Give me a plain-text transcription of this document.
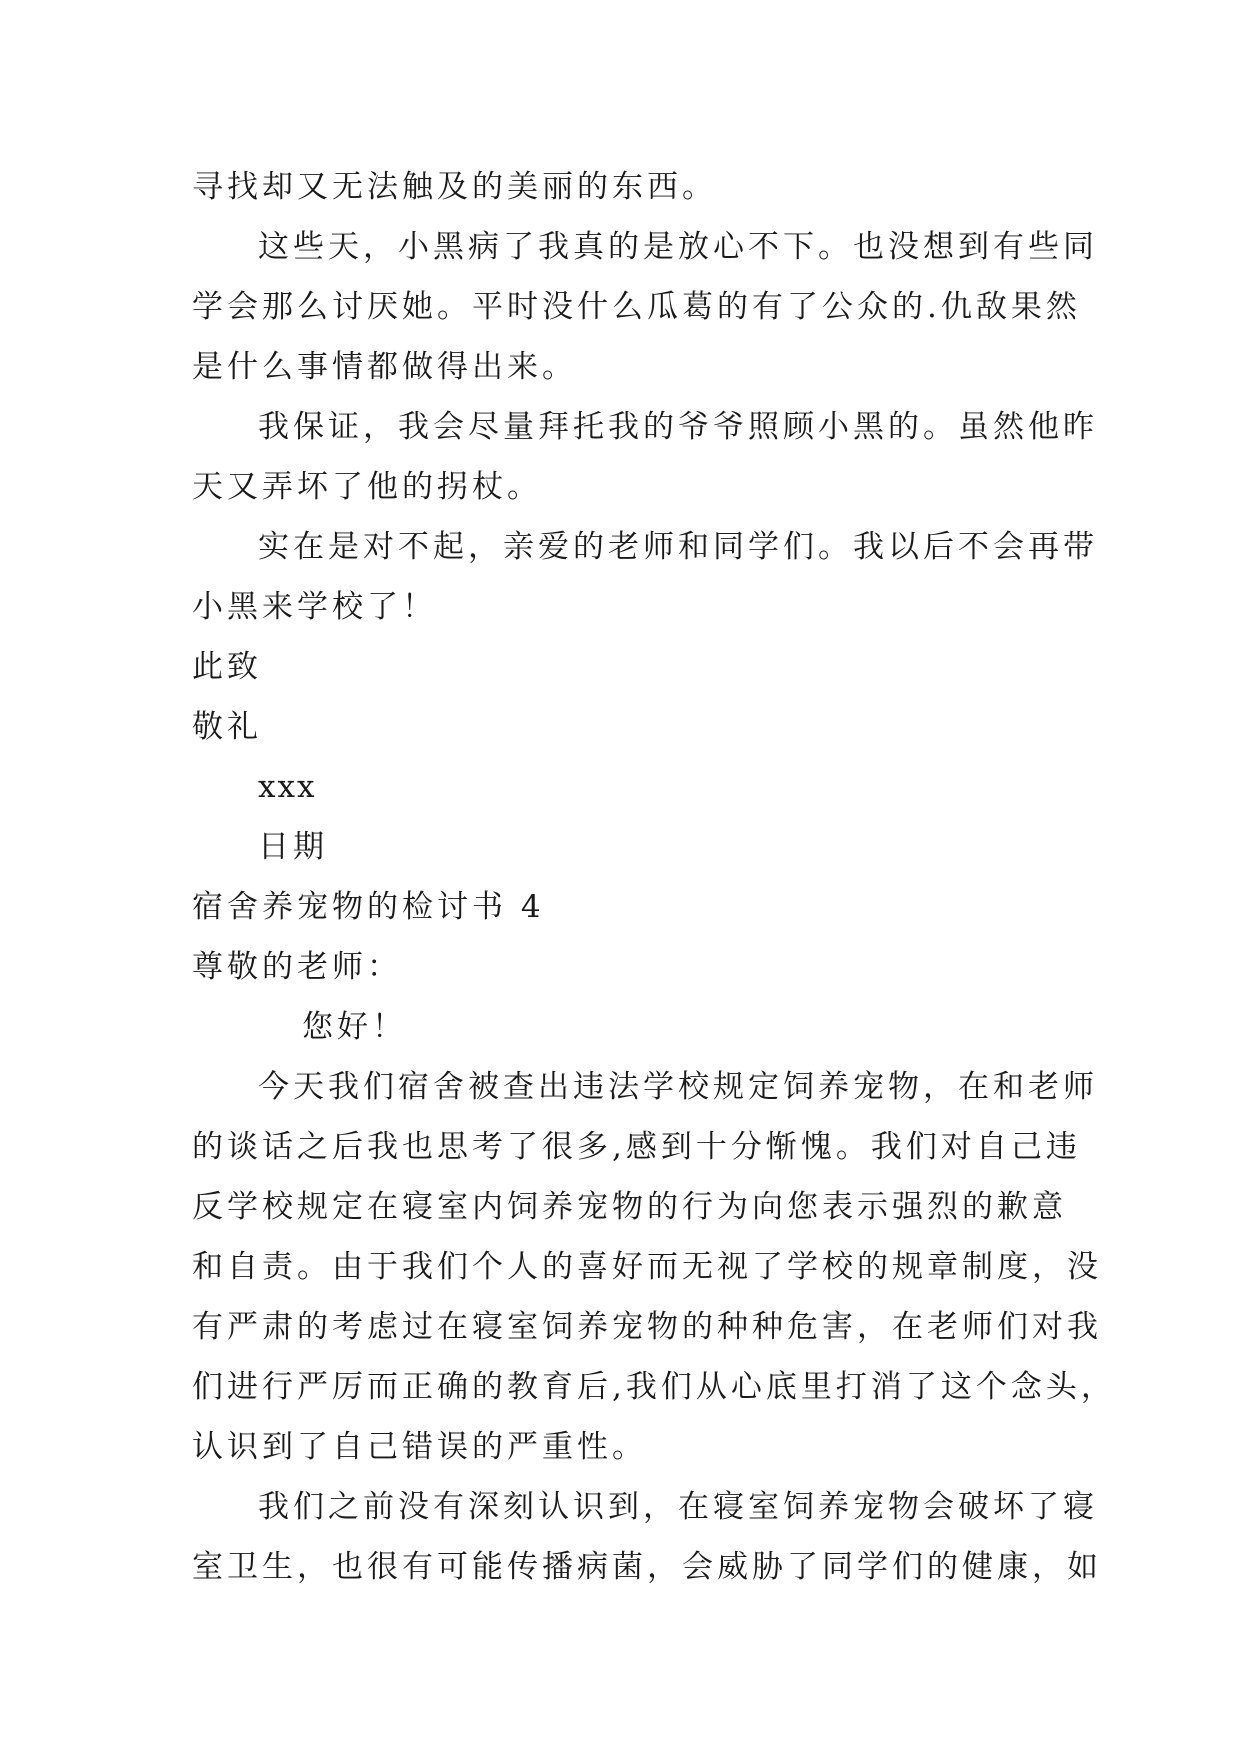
寻找却又无法触及的美丽的东西。
这些天，小黑病了我真的是放心不下。也没想到有些同
学会那么讨厌她。平时没什么瓜葛的有了公众的.仇敌果然
是什么事情都做得出来。
我保证，我会尽量拜托我的爷爷照顾小黑的。虽然他昨
天又弄坏了他的拐杖。
实在是对不起，亲爱的老师和同学们。我以后不会再带
小黑来学校了！
此致
敬礼
xxx
日期
宿舍养宠物的检讨书 4
尊敬的老师：
您好！
今天我们宿舍被查出违法学校规定饲养宠物，在和老师
的谈话之后我也思考了很多,感到十分惭愧。我们对自己违
反学校规定在寝室内饲养宠物的行为向您表示强烈的歉意
和自责。由于我们个人的喜好而无视了学校的规章制度，没
有严肃的考虑过在寝室饲养宠物的种种危害，在老师们对我
们进行严厉而正确的教育后,我们从心底里打消了这个念头，
认识到了自己错误的严重性。
我们之前没有深刻认识到，在寝室饲养宠物会破坏了寝
室卫生，也很有可能传播病菌，会威胁了同学们的健康，如
